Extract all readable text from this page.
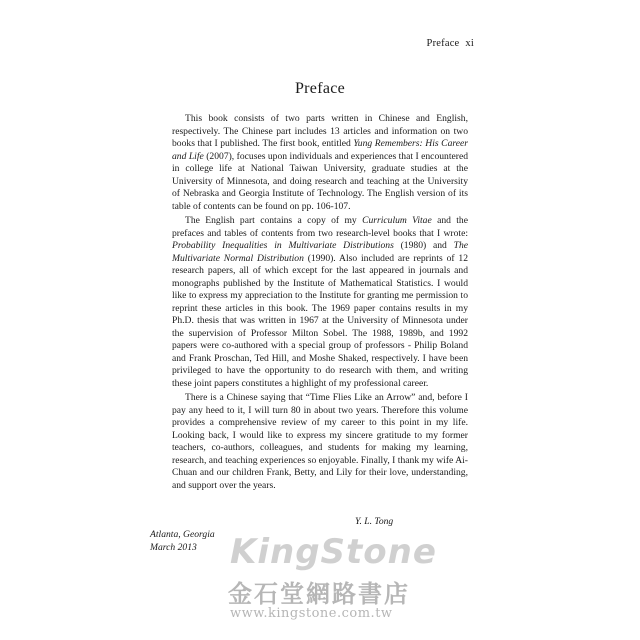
Preface xi
Preface

This book consists of two parts written in Chinese and English, respectively. The Chinese part includes 13 articles and information on two books that I published. The first book, entitled Yung Remembers: His Career and Life (2007), focuses upon individuals and experiences that I encountered in college life at National Taiwan University, graduate studies at the University of Minnesota, and doing research and teaching at the University of Nebraska and Georgia Institute of Technology. The English version of its table of contents can be found on pp. 106-107.

The English part contains a copy of my Curriculum Vitae and the prefaces and tables of contents from two research-level books that I wrote: Probability Inequalities in Multivariate Distributions (1980) and The Multivariate Normal Distribution (1990). Also included are reprints of 12 research papers, all of which except for the last appeared in journals and monographs published by the Institute of Mathematical Statistics. I would like to express my appreciation to the Institute for granting me permission to reprint these articles in this book. The 1969 paper contains results in my Ph.D. thesis that was written in 1967 at the University of Minnesota under the supervision of Professor Milton Sobel. The 1988, 1989b, and 1992 papers were co-authored with a special group of professors - Philip Boland and Frank Proschan, Ted Hill, and Moshe Shaked, respectively. I have been privileged to have the opportunity to do research with them, and writing these joint papers constitutes a highlight of my professional career.

There is a Chinese saying that “Time Flies Like an Arrow” and, before I pay any heed to it, I will turn 80 in about two years. Therefore this volume provides a comprehensive review of my career to this point in my life. Looking back, I would like to express my sincere gratitude to my former teachers, co-authors, colleagues, and students for making my learning, research, and teaching experiences so enjoyable. Finally, I thank my wife Ai-Chuan and our children Frank, Betty, and Lily for their love, understanding, and support over the years.

Y. L. Tong
Atlanta, Georgia
March 2013 KingStone
金石堂網路書店
www.kingstone.com.tw
